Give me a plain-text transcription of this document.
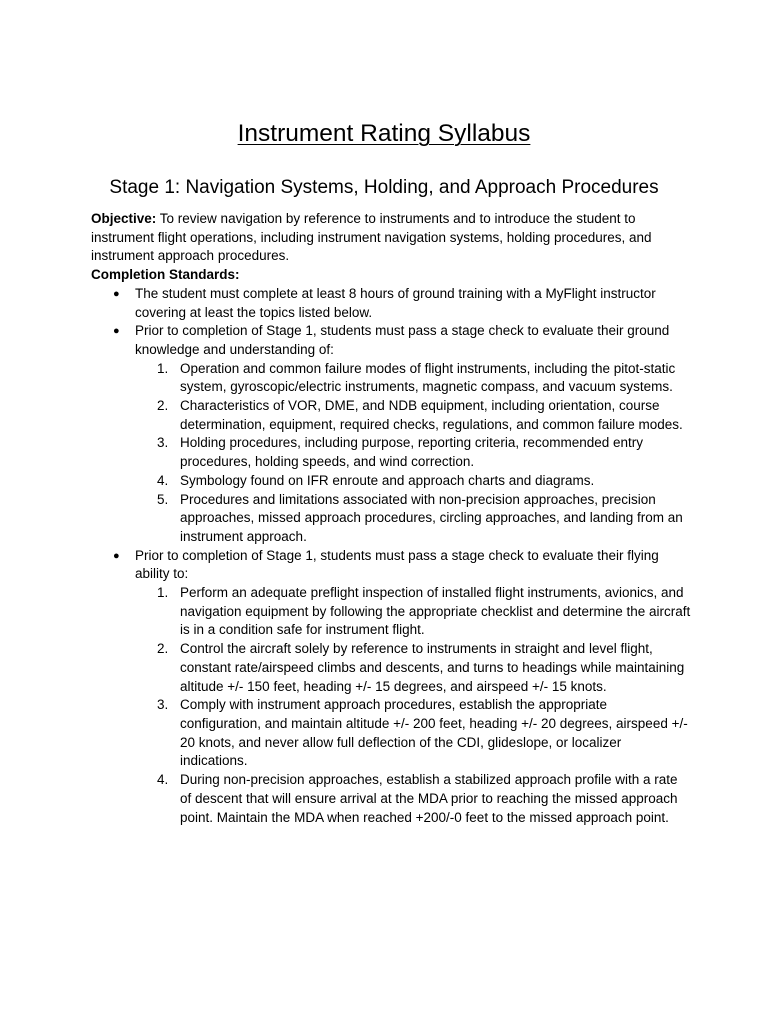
Instrument Rating Syllabus
Stage 1: Navigation Systems, Holding, and Approach Procedures

Objective: To review navigation by reference to instruments and to introduce the student to instrument flight operations, including instrument navigation systems, holding procedures, and instrument approach procedures.

Completion Standards:

● The student must complete at least 8 hours of ground training with a MyFlight instructor covering at least the topics listed below.
● Prior to completion of Stage 1, students must pass a stage check to evaluate their ground knowledge and understanding of:
1. Operation and common failure modes of flight instruments, including the pitot-static system, gyroscopic/electric instruments, magnetic compass, and vacuum systems.
2. Characteristics of VOR, DME, and NDB equipment, including orientation, course determination, equipment, required checks, regulations, and common failure modes.
3. Holding procedures, including purpose, reporting criteria, recommended entry procedures, holding speeds, and wind correction.
4. Symbology found on IFR enroute and approach charts and diagrams.
5. Procedures and limitations associated with non-precision approaches, precision approaches, missed approach procedures, circling approaches, and landing from an instrument approach.
● Prior to completion of Stage 1, students must pass a stage check to evaluate their flying ability to:
1. Perform an adequate preflight inspection of installed flight instruments, avionics, and navigation equipment by following the appropriate checklist and determine the aircraft is in a condition safe for instrument flight.
2. Control the aircraft solely by reference to instruments in straight and level flight, constant rate/airspeed climbs and descents, and turns to headings while maintaining altitude +/- 150 feet, heading +/- 15 degrees, and airspeed +/- 15 knots.
3. Comply with instrument approach procedures, establish the appropriate configuration, and maintain altitude +/- 200 feet, heading +/- 20 degrees, airspeed +/- 20 knots, and never allow full deflection of the CDI, glideslope, or localizer indications.
4. During non-precision approaches, establish a stabilized approach profile with a rate of descent that will ensure arrival at the MDA prior to reaching the missed approach point. Maintain the MDA when reached +200/-0 feet to the missed approach point.
